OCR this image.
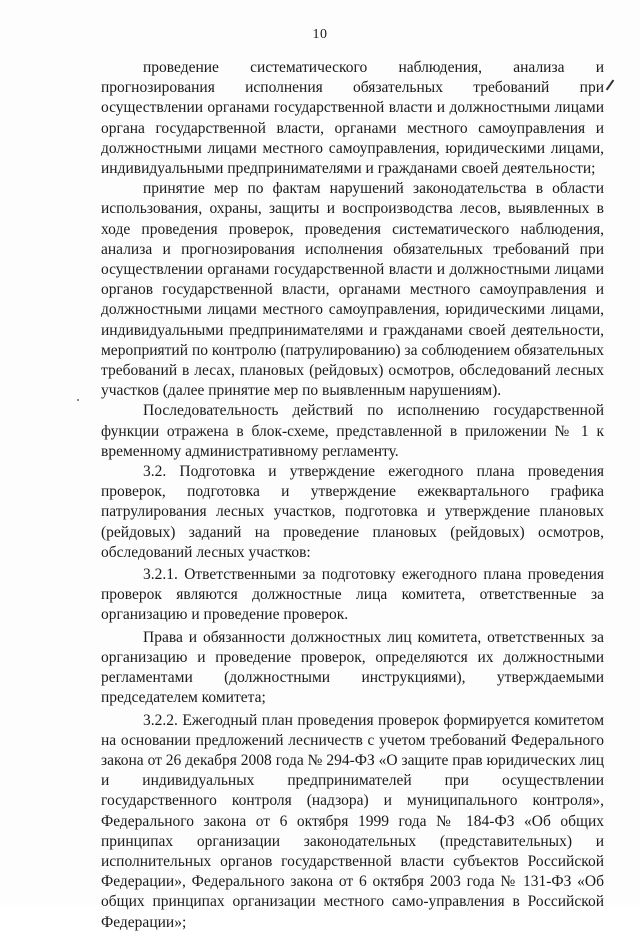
10

проведение систематического наблюдения, анализа и прогнозирования исполнения обязательных требований при осуществлении органами государственной власти и должностными лицами органа государственной власти, органами местного самоуправления и должностными лицами местного самоуправления, юридическими лицами, индивидуальными предпринимателями и гражданами своей деятельности;

принятие мер по фактам нарушений законодательства в области использования, охраны, защиты и воспроизводства лесов, выявленных в ходе проведения проверок, проведения систематического наблюдения, анализа и прогнозирования исполнения обязательных требований при осуществлении органами государственной власти и должностными лицами органов государственной власти, органами местного самоуправления и должностными лицами местного самоуправления, юридическими лицами, индивидуальными предпринимателями и гражданами своей деятельности, мероприятий по контролю (патрулированию) за соблюдением обязательных требований в лесах, плановых (рейдовых) осмотров, обследований лесных участков (далее принятие мер по выявленным нарушениям).

Последовательность действий по исполнению государственной функции отражена в блок-схеме, представленной в приложении № 1 к временному административному регламенту.

3.2. Подготовка и утверждение ежегодного плана проведения проверок, подготовка и утверждение ежеквартального графика патрулирования лесных участков, подготовка и утверждение плановых (рейдовых) заданий на проведение плановых (рейдовых) осмотров, обследований лесных участков:

3.2.1. Ответственными за подготовку ежегодного плана проведения проверок являются должностные лица комитета, ответственные за организацию и проведение проверок.

Права и обязанности должностных лиц комитета, ответственных за организацию и проведение проверок, определяются их должностными регламентами (должностными инструкциями), утверждаемыми председателем комитета;

3.2.2. Ежегодный план проведения проверок формируется комитетом на основании предложений лесничеств с учетом требований Федерального закона от 26 декабря 2008 года № 294-ФЗ «О защите прав юридических лиц и индивидуальных предпринимателей при осуществлении государственного контроля (надзора) и муниципального контроля», Федерального закона от 6 октября 1999 года № 184-ФЗ «Об общих принципах организации законодательных (представительных) и исполнительных органов государственной власти субъектов Российской Федерации», Федерального закона от 6 октября 2003 года № 131-ФЗ «Об общих принципах организации местного само-управления в Российской Федерации»;
